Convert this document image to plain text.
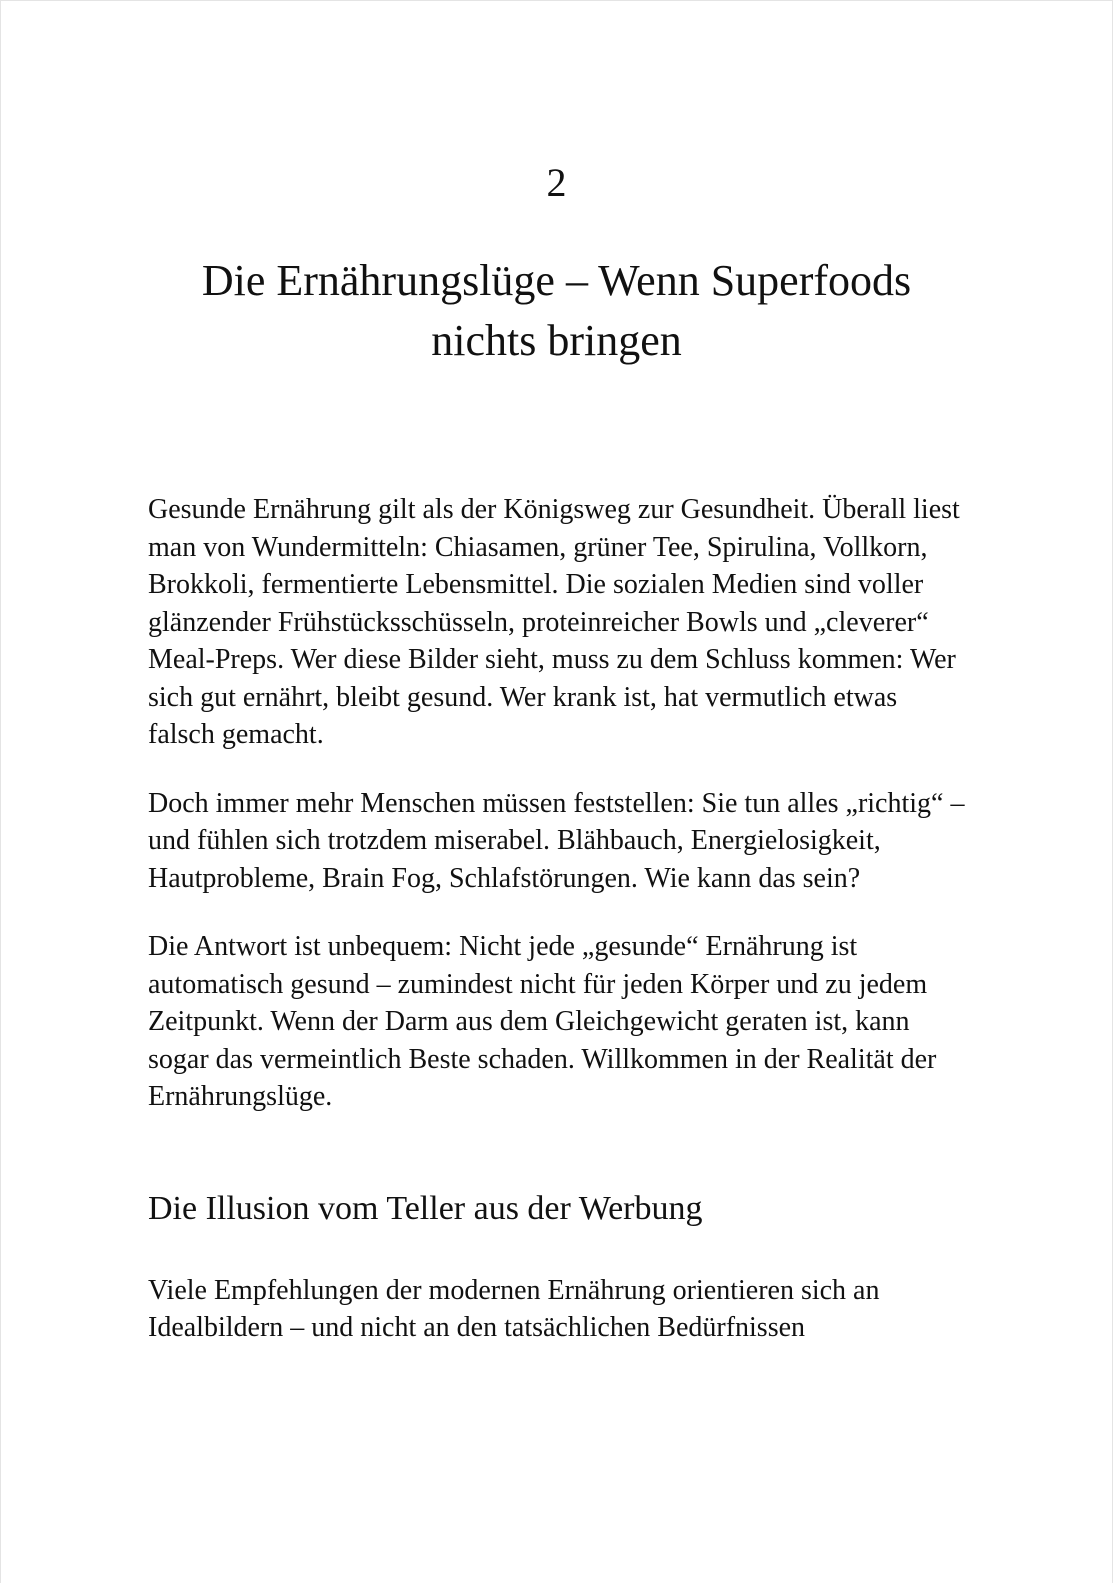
2
Die Ernährungslüge – Wenn Superfoods
nichts bringen

Gesunde Ernährung gilt als der Königsweg zur Gesundheit. Überall liest man von Wundermitteln: Chiasamen, grüner Tee, Spirulina, Vollkorn, Brokkoli, fermentierte Lebensmittel. Die sozialen Medien sind voller glänzender Frühstücksschüsseln, proteinreicher Bowls und „cleverer“ Meal-Preps. Wer diese Bilder sieht, muss zu dem Schluss kommen: Wer sich gut ernährt, bleibt gesund. Wer krank ist, hat vermutlich etwas falsch gemacht.

Doch immer mehr Menschen müssen feststellen: Sie tun alles „richtig“ – und fühlen sich trotzdem miserabel. Blähbauch, Energielosigkeit, Hautprobleme, Brain Fog, Schlafstörungen. Wie kann das sein?

Die Antwort ist unbequem: Nicht jede „gesunde“ Ernährung ist automatisch gesund – zumindest nicht für jeden Körper und zu jedem Zeitpunkt. Wenn der Darm aus dem Gleichgewicht geraten ist, kann sogar das vermeintlich Beste schaden. Willkommen in der Realität der Ernährungslüge.

Die Illusion vom Teller aus der Werbung

Viele Empfehlungen der modernen Ernährung orientieren sich an Idealbildern – und nicht an den tatsächlichen Bedürfnissen
